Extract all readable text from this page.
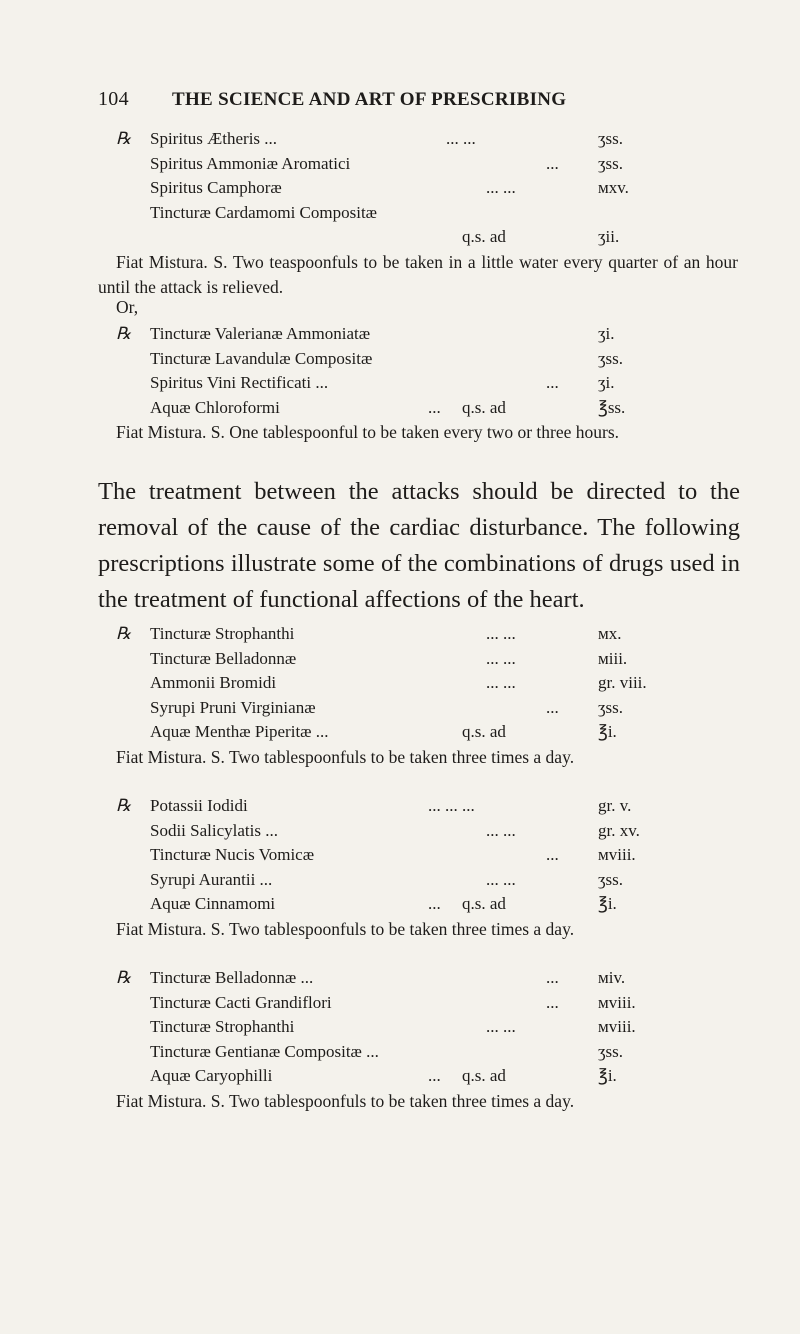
104 THE SCIENCE AND ART OF PRESCRIBING
℞ Spiritus Ætheris ...	... ...	ʒss.
Spiritus Ammoniæ Aromatici	... ʒss.
Spiritus Camphoræ	... ...	ᴍxv.
Tincturæ Cardamomi Compositæ
q.s. ad	ʒii.
Fiat Mistura. S. Two teaspoonfuls to be taken in a little water every quarter of an hour until the attack is relieved.
Or,
℞ Tincturæ Valerianæ Ammoniatæ	ʒi.
Tincturæ Lavandulæ Compositæ	ʒss.
Spiritus Vini Rectificati ...	... ʒi.
Aquæ Chloroformi	... q.s. ad	℥ss.
Fiat Mistura. S. One tablespoonful to be taken every two or three hours.
The treatment between the attacks should be directed to the removal of the cause of the cardiac disturbance. The following prescriptions illustrate some of the combinations of drugs used in the treatment of functional affections of the heart.
℞ Tincturæ Strophanthi	... ...	ᴍx.
Tincturæ Belladonnæ	... ...	ᴍiii.
Ammonii Bromidi	... ...	gr. viii.
Syrupi Pruni Virginianæ	... ʒss.
Aquæ Menthæ Piperitæ ...	q.s. ad	℥i.
Fiat Mistura. S. Two tablespoonfuls to be taken three times a day.
℞ Potassii Iodidi	... ... ...	gr. v.
Sodii Salicylatis ...	... ...	gr. xv.
Tincturæ Nucis Vomicæ	... ᴍviii.
Syrupi Aurantii ...	... ...	ʒss.
Aquæ Cinnamomi	... q.s. ad	℥i.
Fiat Mistura. S. Two tablespoonfuls to be taken three times a day.
℞ Tincturæ Belladonnæ ...	... ᴍiv.
Tincturæ Cacti Grandiflori	... ᴍviii.
Tincturæ Strophanthi	... ...	ᴍviii.
Tincturæ Gentianæ Compositæ ...	ʒss.
Aquæ Caryophilli	... q.s. ad	℥i.
Fiat Mistura. S. Two tablespoonfuls to be taken three times a day.
